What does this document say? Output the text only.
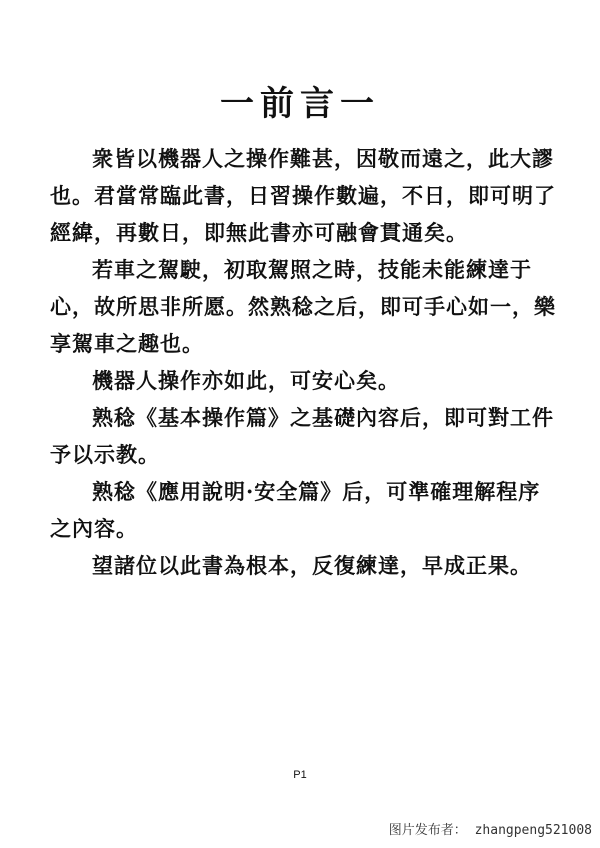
一前言一

衆皆以機器人之操作難甚，因敬而遠之，此大謬也。君當常臨此書，日習操作數遍，不日，即可明了經緯，再數日，即無此書亦可融會貫通矣。

若車之駕駛，初取駕照之時，技能未能練達于心，故所思非所愿。然熟稔之后，即可手心如一，樂享駕車之趣也。

機器人操作亦如此，可安心矣。

熟稔《基本操作篇》之基礎內容后，即可對工件予以示教。

熟稔《應用說明·安全篇》后，可準確理解程序之內容。

望諸位以此書為根本，反復練達，早成正果。

P1
图片发布者： zhangpeng521008
